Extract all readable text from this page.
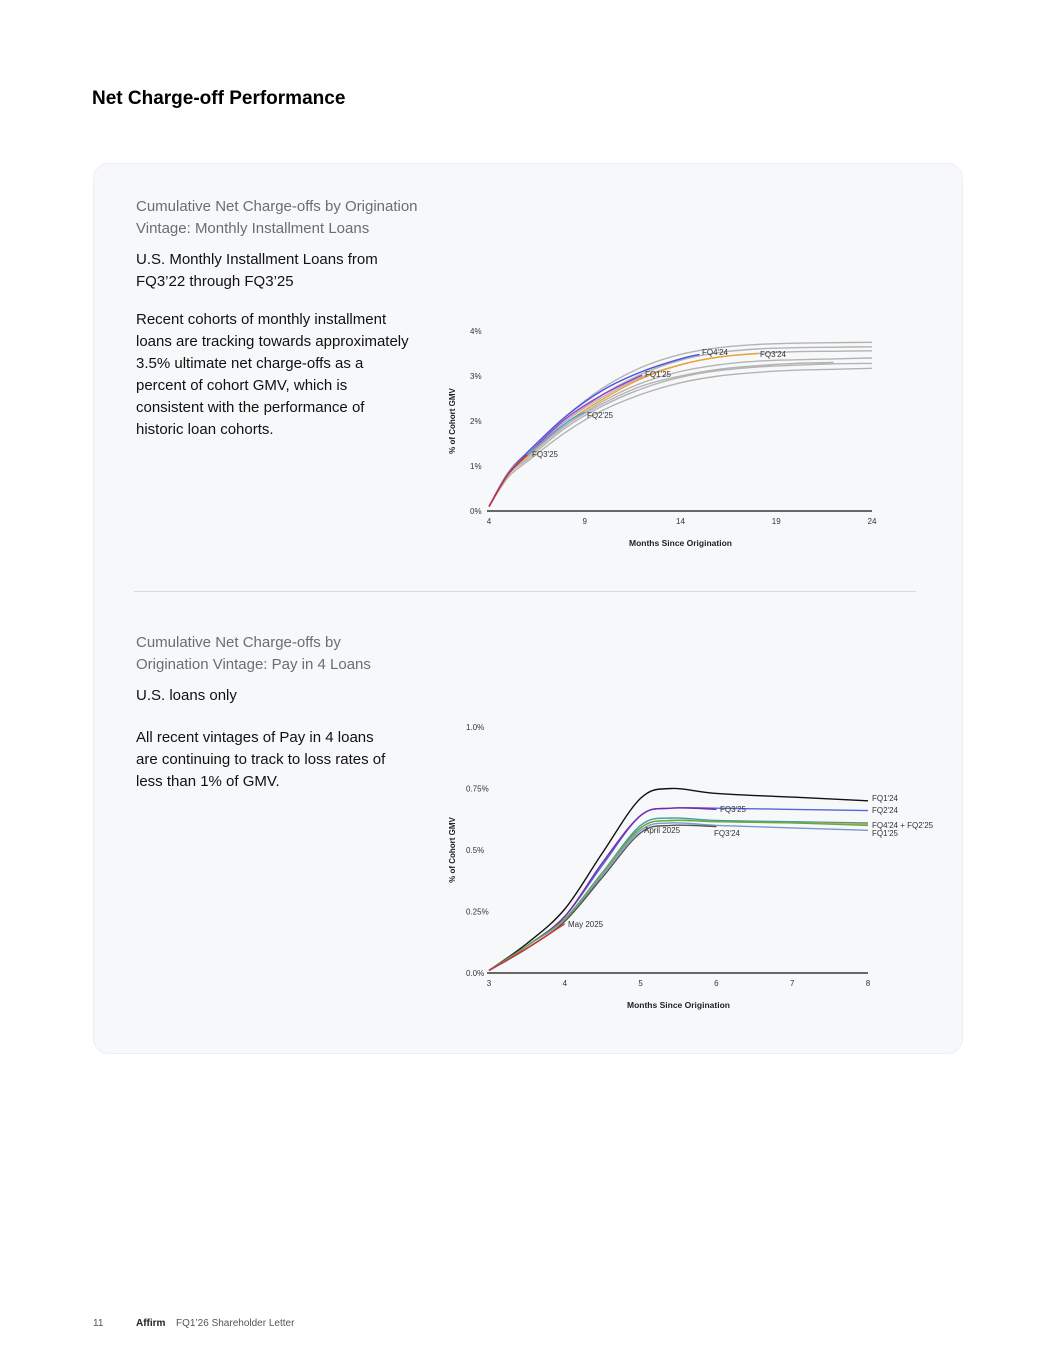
Net Charge-off Performance

Cumulative Net Charge-offs by Origination
Vintage: Monthly Installment Loans

U.S. Monthly Installment Loans from
FQ3’22 through FQ3’25

Recent cohorts of monthly installment
loans are tracking towards approximately
3.5% ultimate net charge-offs as a
percent of cohort GMV, which is
consistent with the performance of
historic loan cohorts.

0%
1%
2%
3%
4%
4	9	14	19	24
Months Since Origination
% of Cohort GMV
FQ4'24	FQ3'24
FQ1'25
FQ2'25
FQ3'25

Cumulative Net Charge-offs by
Origination Vintage: Pay in 4 Loans

U.S. loans only

All recent vintages of Pay in 4 loans
are continuing to track to loss rates of
less than 1% of GMV.

0.0%
0.25%
0.5%
0.75%
1.0%
3	4	5	6	7	8
Months Since Origination
% of Cohort GMV
FQ1'24
FQ2'24
FQ3'25
April 2025	FQ3'24
FQ4'24 + FQ2'25
FQ1'25
May 2025
11	Affirm FQ1’26 Shareholder Letter
